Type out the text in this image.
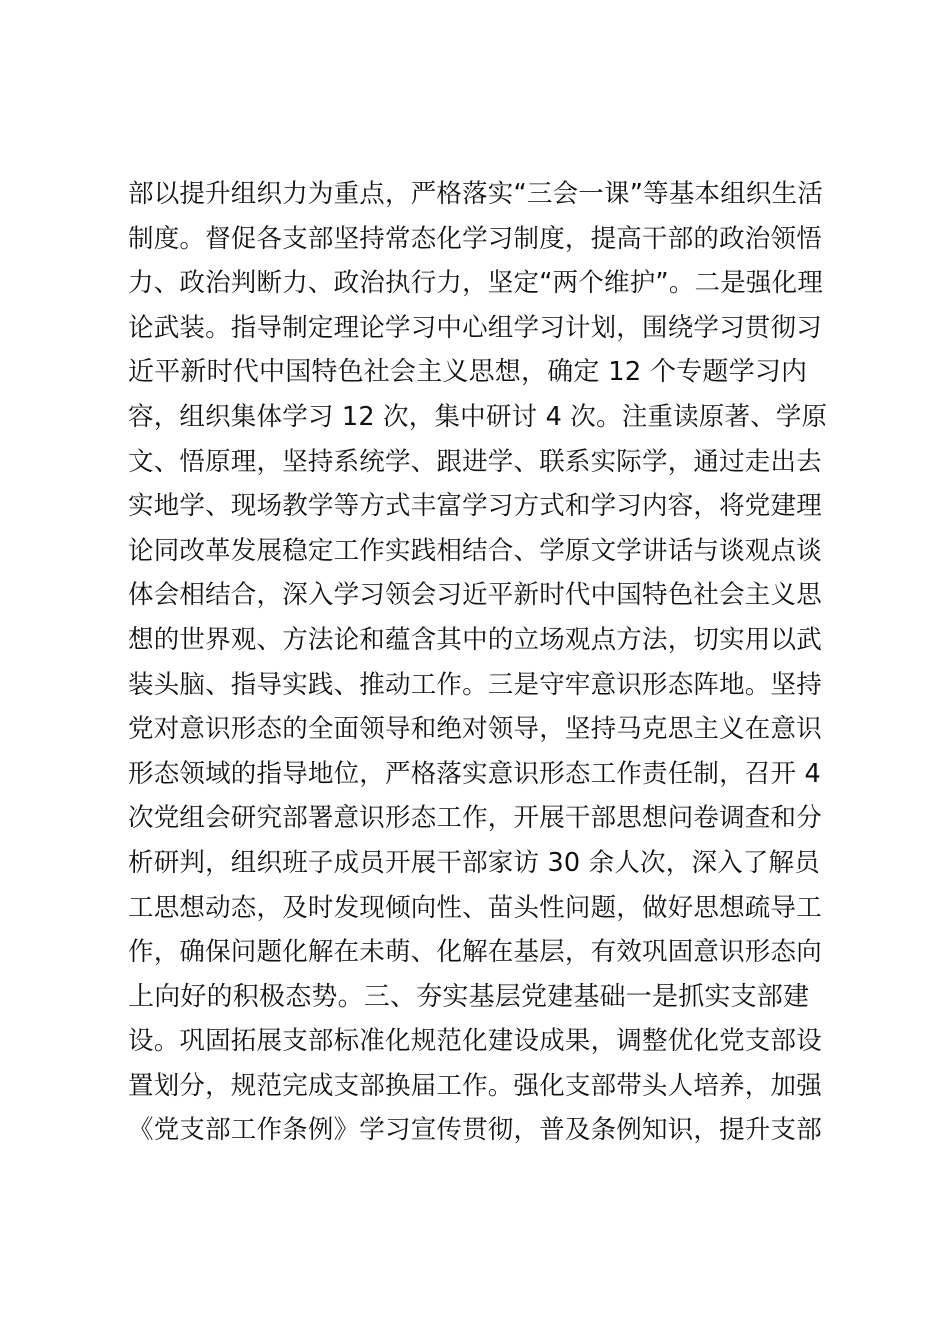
部以提升组织力为重点，严格落实“三会一课”等基本组织生活
制度。督促各支部坚持常态化学习制度，提高干部的政治领悟
力、政治判断力、政治执行力，坚定“两个维护”。二是强化理
论武装。指导制定理论学习中心组学习计划，围绕学习贯彻习
近平新时代中国特色社会主义思想，确定 12 个专题学习内
容，组织集体学习 12 次，集中研讨 4 次。注重读原著、学原
文、悟原理，坚持系统学、跟进学、联系实际学，通过走出去
实地学、现场教学等方式丰富学习方式和学习内容，将党建理
论同改革发展稳定工作实践相结合、学原文学讲话与谈观点谈
体会相结合，深入学习领会习近平新时代中国特色社会主义思
想的世界观、方法论和蕴含其中的立场观点方法，切实用以武
装头脑、指导实践、推动工作。三是守牢意识形态阵地。坚持
党对意识形态的全面领导和绝对领导，坚持马克思主义在意识
形态领域的指导地位，严格落实意识形态工作责任制，召开 4
次党组会研究部署意识形态工作，开展干部思想问卷调查和分
析研判，组织班子成员开展干部家访 30 余人次，深入了解员
工思想动态，及时发现倾向性、苗头性问题，做好思想疏导工
作，确保问题化解在未萌、化解在基层，有效巩固意识形态向
上向好的积极态势。三、夯实基层党建基础一是抓实支部建
设。巩固拓展支部标准化规范化建设成果，调整优化党支部设
置划分，规范完成支部换届工作。强化支部带头人培养，加强
《党支部工作条例》学习宣传贯彻，普及条例知识，提升支部
